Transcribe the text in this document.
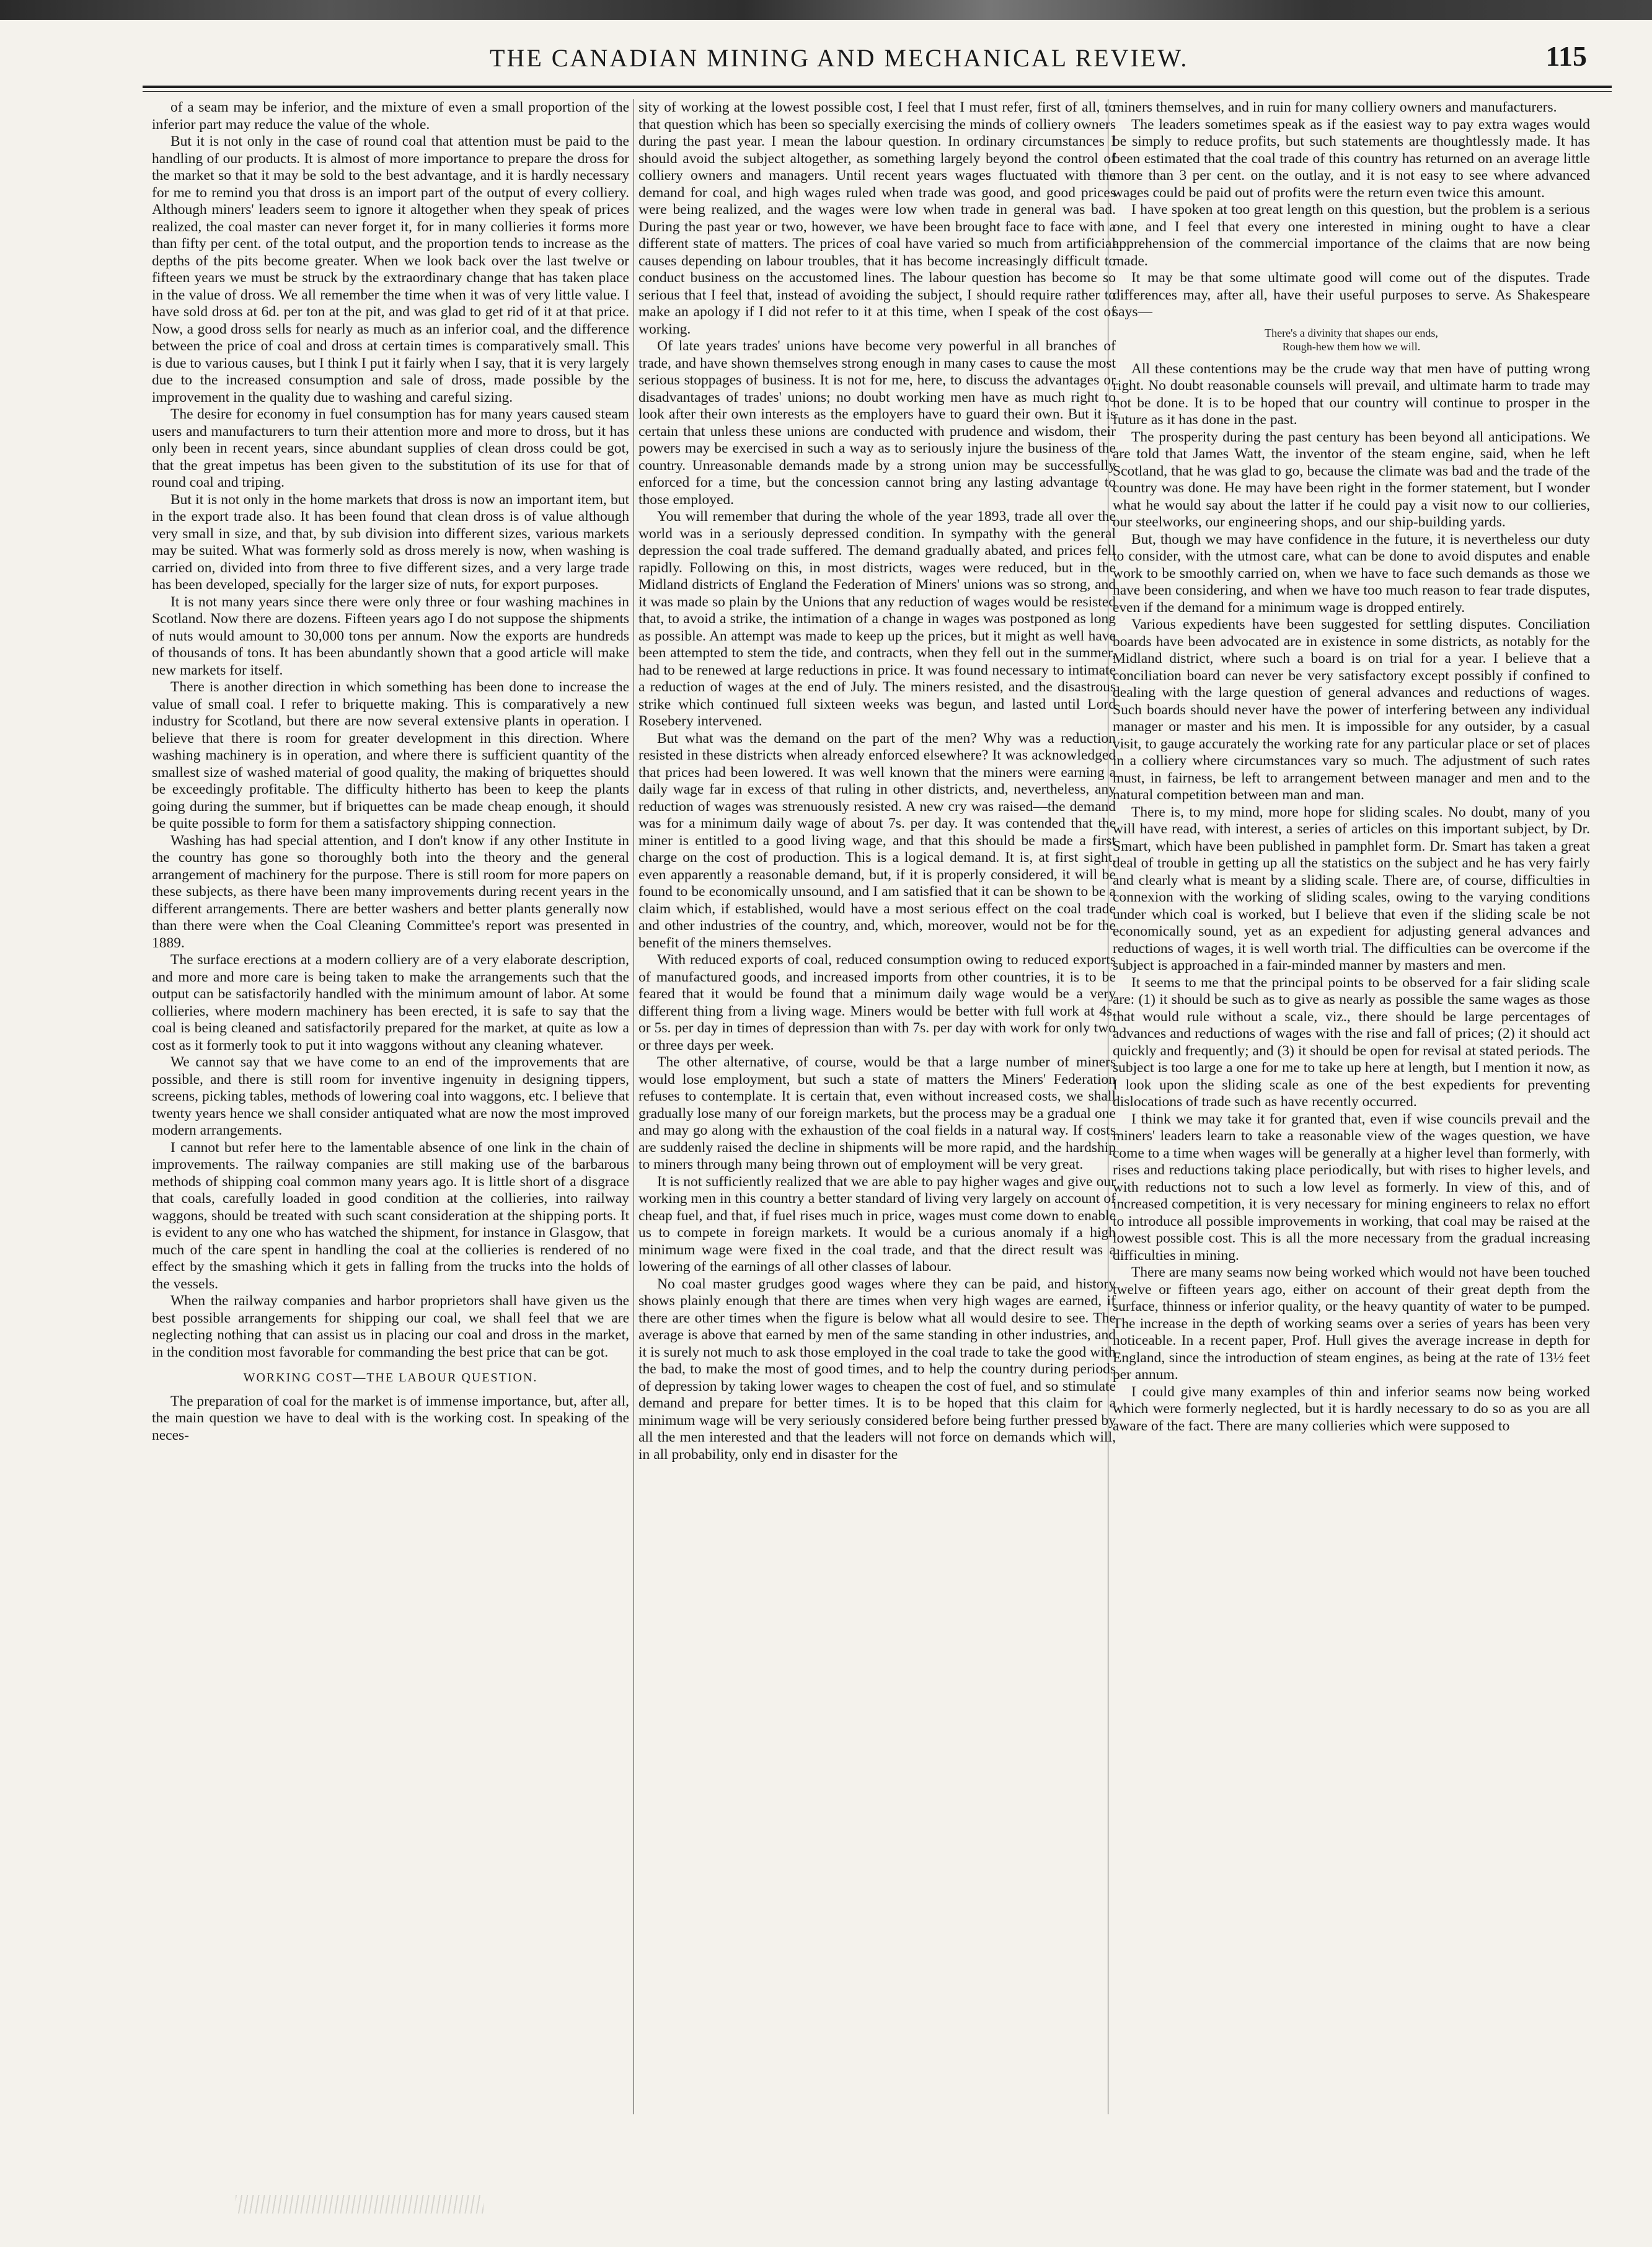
THE CANADIAN MINING AND MECHANICAL REVIEW.	115

of a seam may be inferior, and the mixture of even a small proportion of the inferior part may reduce the value of the whole.

But it is not only in the case of round coal that attention must be paid to the handling of our products. It is almost of more importance to prepare the dross for the market so that it may be sold to the best advantage, and it is hardly necessary for me to remind you that dross is an import part of the output of every colliery. Although miners' leaders seem to ignore it altogether when they speak of prices realized, the coal master can never forget it, for in many collieries it forms more than fifty per cent. of the total output, and the proportion tends to increase as the depths of the pits become greater. When we look back over the last twelve or fifteen years we must be struck by the extraordinary change that has taken place in the value of dross. We all remember the time when it was of very little value. I have sold dross at 6d. per ton at the pit, and was glad to get rid of it at that price. Now, a good dross sells for nearly as much as an inferior coal, and the difference between the price of coal and dross at certain times is comparatively small. This is due to various causes, but I think I put it fairly when I say, that it is very largely due to the increased consumption and sale of dross, made possible by the improvement in the quality due to washing and careful sizing.

The desire for economy in fuel consumption has for many years caused steam users and manufacturers to turn their attention more and more to dross, but it has only been in recent years, since abundant supplies of clean dross could be got, that the great impetus has been given to the substitution of its use for that of round coal and triping.

But it is not only in the home markets that dross is now an important item, but in the export trade also. It has been found that clean dross is of value although very small in size, and that, by sub division into different sizes, various markets may be suited. What was formerly sold as dross merely is now, when washing is carried on, divided into from three to five different sizes, and a very large trade has been developed, specially for the larger size of nuts, for export purposes.

It is not many years since there were only three or four washing machines in Scotland. Now there are dozens. Fifteen years ago I do not suppose the shipments of nuts would amount to 30,000 tons per annum. Now the exports are hundreds of thousands of tons. It has been abundantly shown that a good article will make new markets for itself.

There is another direction in which something has been done to increase the value of small coal. I refer to briquette making. This is comparatively a new industry for Scotland, but there are now several extensive plants in operation. I believe that there is room for greater development in this direction. Where washing machinery is in operation, and where there is sufficient quantity of the smallest size of washed material of good quality, the making of briquettes should be exceedingly profitable. The difficulty hitherto has been to keep the plants going during the summer, but if briquettes can be made cheap enough, it should be quite possible to form for them a satisfactory shipping connection.

Washing has had special attention, and I don't know if any other Institute in the country has gone so thoroughly both into the theory and the general arrangement of machinery for the purpose. There is still room for more papers on these subjects, as there have been many improvements during recent years in the different arrangements. There are better washers and better plants generally now than there were when the Coal Cleaning Committee's report was presented in 1889.

The surface erections at a modern colliery are of a very elaborate description, and more and more care is being taken to make the arrangements such that the output can be satisfactorily handled with the minimum amount of labor. At some collieries, where modern machinery has been erected, it is safe to say that the coal is being cleaned and satisfactorily prepared for the market, at quite as low a cost as it formerly took to put it into waggons without any cleaning whatever.

We cannot say that we have come to an end of the improvements that are possible, and there is still room for inventive ingenuity in designing tippers, screens, picking tables, methods of lowering coal into waggons, etc. I believe that twenty years hence we shall consider antiquated what are now the most improved modern arrangements.

I cannot but refer here to the lamentable absence of one link in the chain of improvements. The railway companies are still making use of the barbarous methods of shipping coal common many years ago. It is little short of a disgrace that coals, carefully loaded in good condition at the collieries, into railway waggons, should be treated with such scant consideration at the shipping ports. It is evident to any one who has watched the shipment, for instance in Glasgow, that much of the care spent in handling the coal at the collieries is rendered of no effect by the smashing which it gets in falling from the trucks into the holds of the vessels.

When the railway companies and harbor proprietors shall have given us the best possible arrangements for shipping our coal, we shall feel that we are neglecting nothing that can assist us in placing our coal and dross in the market, in the condition most favorable for commanding the best price that can be got.

WORKING COST—THE LABOUR QUESTION.

The preparation of coal for the market is of immense importance, but, after all, the main question we have to deal with is the working cost. In speaking of the neces-

sity of working at the lowest possible cost, I feel that I must refer, first of all, to that question which has been so specially exercising the minds of colliery owners during the past year. I mean the labour question. In ordinary circumstances I should avoid the subject altogether, as something largely beyond the control of colliery owners and managers. Until recent years wages fluctuated with the demand for coal, and high wages ruled when trade was good, and good prices were being realized, and the wages were low when trade in general was bad. During the past year or two, however, we have been brought face to face with a different state of matters. The prices of coal have varied so much from artificial causes depending on labour troubles, that it has become increasingly difficult to conduct business on the accustomed lines. The labour question has become so serious that I feel that, instead of avoiding the subject, I should require rather to make an apology if I did not refer to it at this time, when I speak of the cost of working.

Of late years trades' unions have become very powerful in all branches of trade, and have shown themselves strong enough in many cases to cause the most serious stoppages of business. It is not for me, here, to discuss the advantages or disadvantages of trades' unions; no doubt working men have as much right to look after their own interests as the employers have to guard their own. But it is certain that unless these unions are conducted with prudence and wisdom, their powers may be exercised in such a way as to seriously injure the business of the country. Unreasonable demands made by a strong union may be successfully enforced for a time, but the concession cannot bring any lasting advantage to those employed.

You will remember that during the whole of the year 1893, trade all over the world was in a seriously depressed condition. In sympathy with the general depression the coal trade suffered. The demand gradually abated, and prices fell rapidly. Following on this, in most districts, wages were reduced, but in the Midland districts of England the Federation of Miners' unions was so strong, and it was made so plain by the Unions that any reduction of wages would be resisted that, to avoid a strike, the intimation of a change in wages was postponed as long as possible. An attempt was made to keep up the prices, but it might as well have been attempted to stem the tide, and contracts, when they fell out in the summer, had to be renewed at large reductions in price. It was found necessary to intimate a reduction of wages at the end of July. The miners resisted, and the disastrous strike which continued full sixteen weeks was begun, and lasted until Lord Rosebery intervened.

But what was the demand on the part of the men? Why was a reduction resisted in these districts when already enforced elsewhere? It was acknowledged that prices had been lowered. It was well known that the miners were earning a daily wage far in excess of that ruling in other districts, and, nevertheless, any reduction of wages was strenuously resisted. A new cry was raised—the demand was for a minimum daily wage of about 7s. per day. It was contended that the miner is entitled to a good living wage, and that this should be made a first charge on the cost of production. This is a logical demand. It is, at first sight, even apparently a reasonable demand, but, if it is properly considered, it will be found to be economically unsound, and I am satisfied that it can be shown to be a claim which, if established, would have a most serious effect on the coal trade and other industries of the country, and, which, moreover, would not be for the benefit of the miners themselves.

With reduced exports of coal, reduced consumption owing to reduced exports of manufactured goods, and increased imports from other countries, it is to be feared that it would be found that a minimum daily wage would be a very different thing from a living wage. Miners would be better with full work at 4s. or 5s. per day in times of depression than with 7s. per day with work for only two or three days per week.

The other alternative, of course, would be that a large number of miners would lose employment, but such a state of matters the Miners' Federation refuses to contemplate. It is certain that, even without increased costs, we shall gradually lose many of our foreign markets, but the process may be a gradual one and may go along with the exhaustion of the coal fields in a natural way. If costs are suddenly raised the decline in shipments will be more rapid, and the hardship to miners through many being thrown out of employment will be very great.

It is not sufficiently realized that we are able to pay higher wages and give our working men in this country a better standard of living very largely on account of cheap fuel, and that, if fuel rises much in price, wages must come down to enable us to compete in foreign markets. It would be a curious anomaly if a high minimum wage were fixed in the coal trade, and that the direct result was a lowering of the earnings of all other classes of labour.

No coal master grudges good wages where they can be paid, and history shows plainly enough that there are times when very high wages are earned, if there are other times when the figure is below what all would desire to see. The average is above that earned by men of the same standing in other industries, and it is surely not much to ask those employed in the coal trade to take the good with the bad, to make the most of good times, and to help the country during periods of depression by taking lower wages to cheapen the cost of fuel, and so stimulate demand and prepare for better times. It is to be hoped that this claim for a minimum wage will be very seriously considered before being further pressed by all the men interested and that the leaders will not force on demands which will, in all probability, only end in disaster for the

miners themselves, and in ruin for many colliery owners and manufacturers.

The leaders sometimes speak as if the easiest way to pay extra wages would be simply to reduce profits, but such statements are thoughtlessly made. It has been estimated that the coal trade of this country has returned on an average little more than 3 per cent. on the outlay, and it is not easy to see where advanced wages could be paid out of profits were the return even twice this amount.

I have spoken at too great length on this question, but the problem is a serious one, and I feel that every one interested in mining ought to have a clear apprehension of the commercial importance of the claims that are now being made.

It may be that some ultimate good will come out of the disputes. Trade differences may, after all, have their useful purposes to serve. As Shakespeare says—

There's a divinity that shapes our ends,
Rough-hew them how we will.

All these contentions may be the crude way that men have of putting wrong right. No doubt reasonable counsels will prevail, and ultimate harm to trade may not be done. It is to be hoped that our country will continue to prosper in the future as it has done in the past.

The prosperity during the past century has been beyond all anticipations. We are told that James Watt, the inventor of the steam engine, said, when he left Scotland, that he was glad to go, because the climate was bad and the trade of the country was done. He may have been right in the former statement, but I wonder what he would say about the latter if he could pay a visit now to our collieries, our steelworks, our engineering shops, and our ship-building yards.

But, though we may have confidence in the future, it is nevertheless our duty to consider, with the utmost care, what can be done to avoid disputes and enable work to be smoothly carried on, when we have to face such demands as those we have been considering, and when we have too much reason to fear trade disputes, even if the demand for a minimum wage is dropped entirely.

Various expedients have been suggested for settling disputes. Conciliation boards have been advocated are in existence in some districts, as notably for the Midland district, where such a board is on trial for a year. I believe that a conciliation board can never be very satisfactory except possibly if confined to dealing with the large question of general advances and reductions of wages. Such boards should never have the power of interfering between any individual manager or master and his men. It is impossible for any outsider, by a casual visit, to gauge accurately the working rate for any particular place or set of places in a colliery where circumstances vary so much. The adjustment of such rates must, in fairness, be left to arrangement between manager and men and to the natural competition between man and man.

There is, to my mind, more hope for sliding scales. No doubt, many of you will have read, with interest, a series of articles on this important subject, by Dr. Smart, which have been published in pamphlet form. Dr. Smart has taken a great deal of trouble in getting up all the statistics on the subject and he has very fairly and clearly what is meant by a sliding scale. There are, of course, difficulties in connexion with the working of sliding scales, owing to the varying conditions under which coal is worked, but I believe that even if the sliding scale be not economically sound, yet as an expedient for adjusting general advances and reductions of wages, it is well worth trial. The difficulties can be overcome if the subject is approached in a fair-minded manner by masters and men.

It seems to me that the principal points to be observed for a fair sliding scale are: (1) it should be such as to give as nearly as possible the same wages as those that would rule without a scale, viz., there should be large percentages of advances and reductions of wages with the rise and fall of prices; (2) it should act quickly and frequently; and (3) it should be open for revisal at stated periods. The subject is too large a one for me to take up here at length, but I mention it now, as I look upon the sliding scale as one of the best expedients for preventing dislocations of trade such as have recently occurred.

I think we may take it for granted that, even if wise councils prevail and the miners' leaders learn to take a reasonable view of the wages question, we have come to a time when wages will be generally at a higher level than formerly, with rises and reductions taking place periodically, but with rises to higher levels, and with reductions not to such a low level as formerly. In view of this, and of increased competition, it is very necessary for mining engineers to relax no effort to introduce all possible improvements in working, that coal may be raised at the lowest possible cost. This is all the more necessary from the gradual increasing difficulties in mining.

There are many seams now being worked which would not have been touched twelve or fifteen years ago, either on account of their great depth from the surface, thinness or inferior quality, or the heavy quantity of water to be pumped. The increase in the depth of working seams over a series of years has been very noticeable. In a recent paper, Prof. Hull gives the average increase in depth for England, since the introduction of steam engines, as being at the rate of 13½ feet per annum.

I could give many examples of thin and inferior seams now being worked which were formerly neglected, but it is hardly necessary to do so as you are all aware of the fact. There are many collieries which were supposed to
